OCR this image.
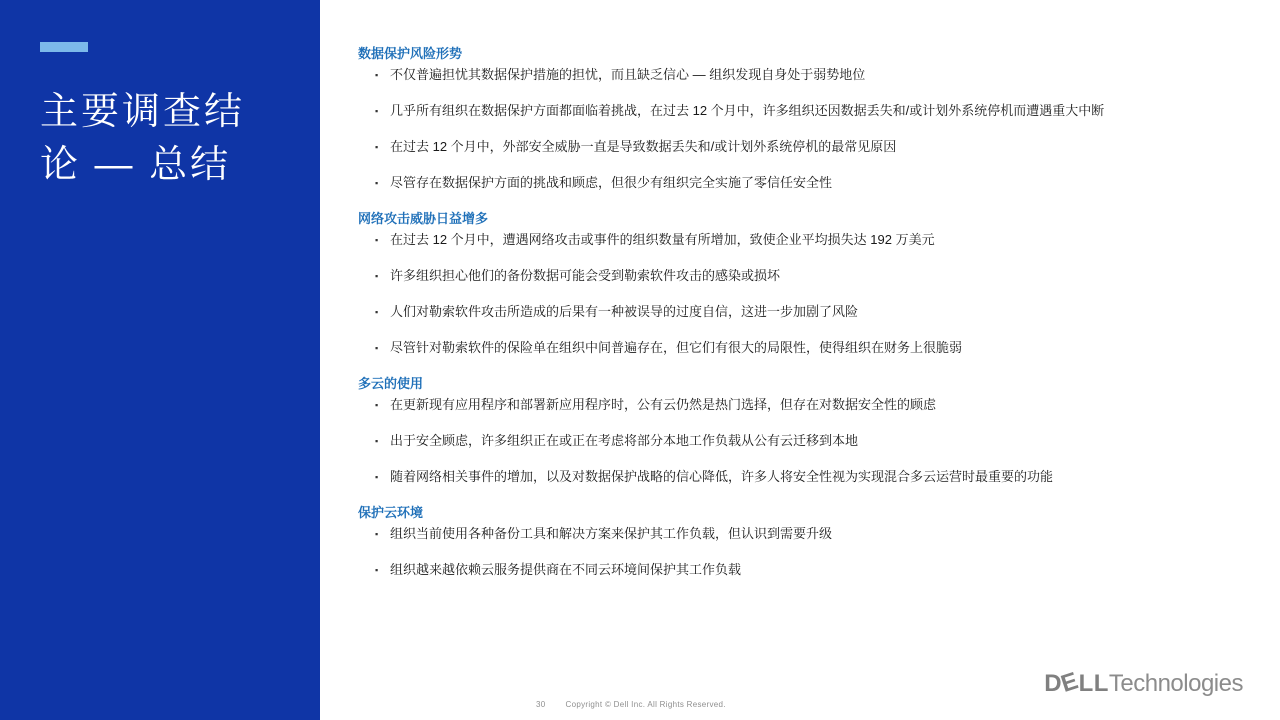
主要调查结
论 — 总结
数据保护风险形势
▪ 不仅普遍担忧其数据保护措施的担忧，而且缺乏信心 — 组织发现自身处于弱势地位
▪ 几乎所有组织在数据保护方面都面临着挑战，在过去 12 个月中，许多组织还因数据丢失和/或计划外系统停机而遭遇重大中断
▪ 在过去 12 个月中，外部安全威胁一直是导致数据丢失和/或计划外系统停机的最常见原因
▪ 尽管存在数据保护方面的挑战和顾虑，但很少有组织完全实施了零信任安全性
网络攻击威胁日益增多
▪ 在过去 12 个月中，遭遇网络攻击或事件的组织数量有所增加，致使企业平均损失达 192 万美元
▪ 许多组织担心他们的备份数据可能会受到勒索软件攻击的感染或损坏
▪ 人们对勒索软件攻击所造成的后果有一种被误导的过度自信，这进一步加剧了风险
▪ 尽管针对勒索软件的保险单在组织中间普遍存在，但它们有很大的局限性，使得组织在财务上很脆弱
多云的使用
▪ 在更新现有应用程序和部署新应用程序时，公有云仍然是热门选择，但存在对数据安全性的顾虑
▪ 出于安全顾虑，许多组织正在或正在考虑将部分本地工作负载从公有云迁移到本地
▪ 随着网络相关事件的增加，以及对数据保护战略的信心降低，许多人将安全性视为实现混合多云运营时最重要的功能
保护云环境
▪ 组织当前使用各种备份工具和解决方案来保护其工作负载，但认识到需要升级
▪ 组织越来越依赖云服务提供商在不同云环境间保护其工作负载
30	Copyright © Dell Inc. All Rights Reserved.
DELLTechnologies
